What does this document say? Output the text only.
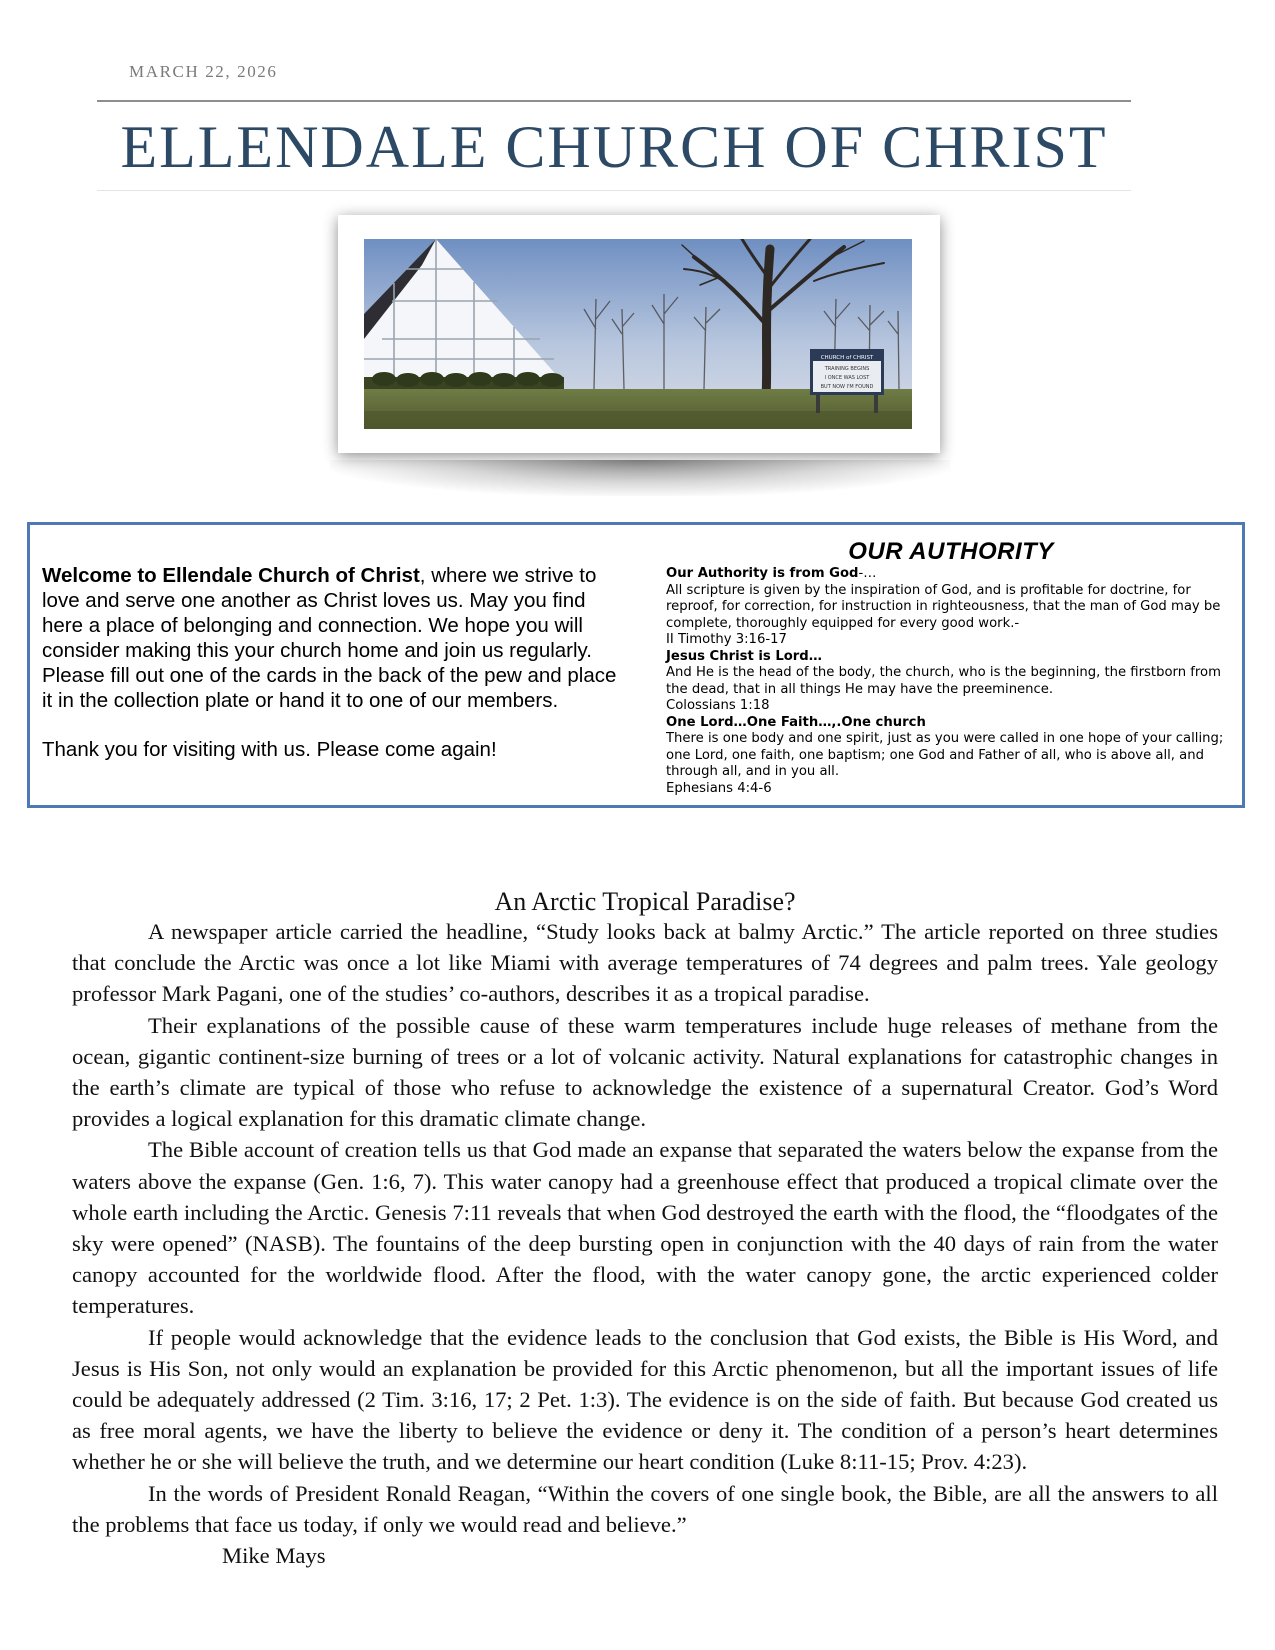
MARCH 22, 2026
ELLENDALE CHURCH OF CHRIST
CHURCH of CHRIST
TRAINING BEGINS
I ONCE WAS LOST
BUT NOW I'M FOUND

Welcome to Ellendale Church of Christ, where we strive to love and serve one another as Christ loves us. May you find here a place of belonging and connection. We hope you will consider making this your church home and join us regularly. Please fill out one of the cards in the back of the pew and place it in the collection plate or hand it to one of our members.

Thank you for visiting with us. Please come again!

OUR AUTHORITY

Our Authority is from God-…

All scripture is given by the inspiration of God, and is profitable for doctrine, for reproof, for correction, for instruction in righteousness, that the man of God may be complete, thoroughly equipped for every good work.-

II Timothy 3:16-17

Jesus Christ is Lord…

And He is the head of the body, the church, who is the beginning, the firstborn from the dead, that in all things He may have the preeminence.

Colossians 1:18

One Lord…One Faith…,.One church

There is one body and one spirit, just as you were called in one hope of your calling; one Lord, one faith, one baptism; one God and Father of all, who is above all, and through all, and in you all.

Ephesians 4:4-6

An Arctic Tropical Paradise?

A newspaper article carried the headline, “Study looks back at balmy Arctic.” The article reported on three studies that conclude the Arctic was once a lot like Miami with average temperatures of 74 degrees and palm trees. Yale geology professor Mark Pagani, one of the studies’ co-authors, describes it as a tropical paradise.

Their explanations of the possible cause of these warm temperatures include huge releases of methane from the ocean, gigantic continent-size burning of trees or a lot of volcanic activity. Natural explanations for catastrophic changes in the earth’s climate are typical of those who refuse to acknowledge the existence of a supernatural Creator. God’s Word provides a logical explanation for this dramatic climate change.

The Bible account of creation tells us that God made an expanse that separated the waters below the expanse from the waters above the expanse (Gen. 1:6, 7). This water canopy had a greenhouse effect that produced a tropical climate over the whole earth including the Arctic. Genesis 7:11 reveals that when God destroyed the earth with the flood, the “floodgates of the sky were opened” (NASB). The fountains of the deep bursting open in conjunction with the 40 days of rain from the water canopy accounted for the worldwide flood. After the flood, with the water canopy gone, the arctic experienced colder temperatures.

If people would acknowledge that the evidence leads to the conclusion that God exists, the Bible is His Word, and Jesus is His Son, not only would an explanation be provided for this Arctic phenomenon, but all the important issues of life could be adequately addressed (2 Tim. 3:16, 17; 2 Pet. 1:3). The evidence is on the side of faith. But because God created us as free moral agents, we have the liberty to believe the evidence or deny it. The condition of a person’s heart determines whether he or she will believe the truth, and we determine our heart condition (Luke 8:11-15; Prov. 4:23).

In the words of President Ronald Reagan, “Within the covers of one single book, the Bible, are all the answers to all the problems that face us today, if only we would read and believe.”

Mike Mays
